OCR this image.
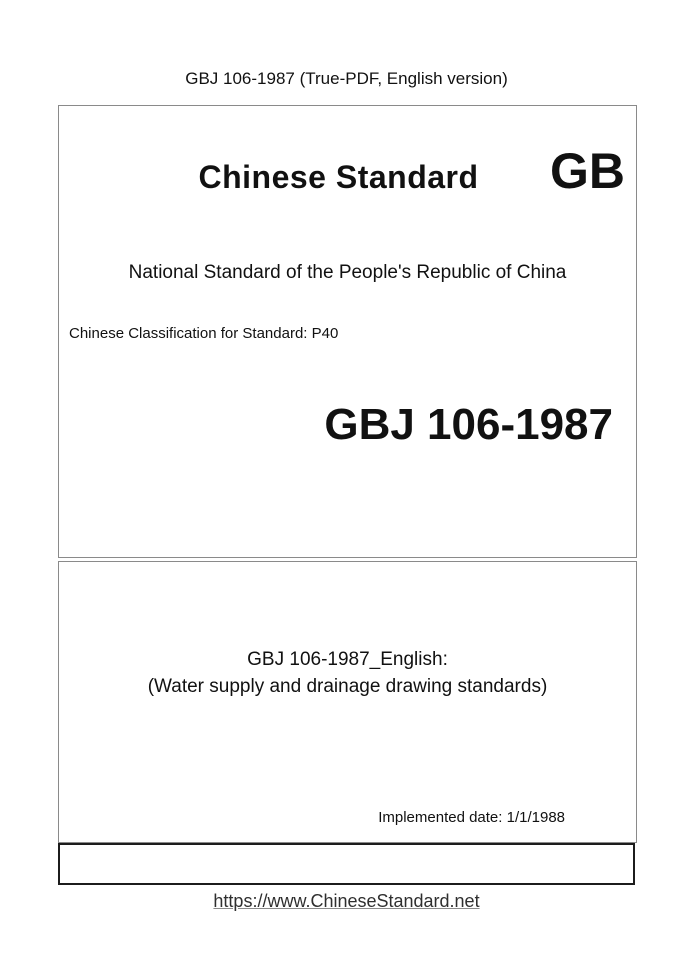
GBJ 106-1987 (True-PDF, English version)
Chinese Standard	GB
National Standard of the People's Republic of China
Chinese Classification for Standard: P40
GBJ 106-1987
GBJ 106-1987_English:
(Water supply and drainage drawing standards)
Implemented date: 1/1/1988
https://www.ChineseStandard.net
